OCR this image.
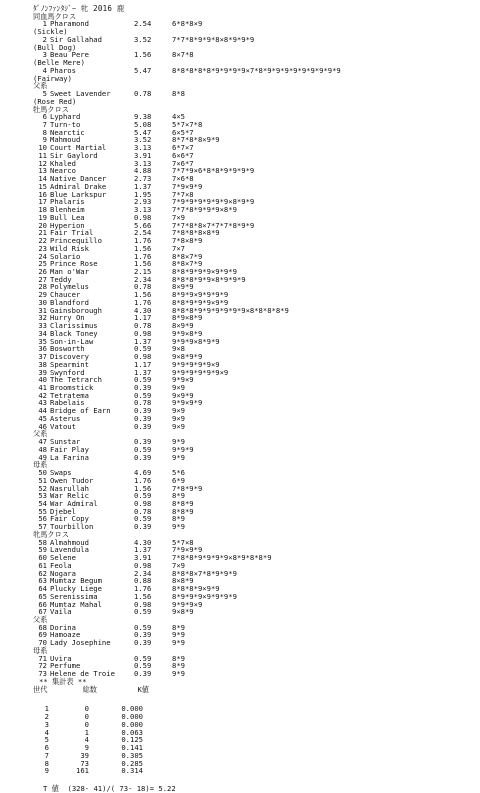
ﾀﾞﾉﾝﾌｧﾝﾀｼﾞｰ 牝 2016 鹿
同血馬クロス
1 Pharamond	2.54	6*8*8×9
(Sickle)
2 Sir Gallahad	3.52	7*7*8*9*9*8×8*9*9*9
(Bull Dog)
3 Beau Pere	1.56	8×7*8
(Belle Mere)
4 Pharos	5.47	8*8*8*8*8*9*9*9*9×7*8*9*9*9*9*9*9*9*9*9
(Fairway)
父系
5 Sweet Lavender	0.78	8*8
(Rose Red)
牡馬クロス
6 Lyphard	9.38	4×5
7 Turn-to	5.08	5*7×7*8
8 Nearctic	5.47	6×5*7
9 Mahmoud	3.52	8*7*8*8×9*9
10 Court Martial	3.13	6*7×7
11 Sir Gaylord	3.91	6×6*7
12 Khaled	3.13	7×6*7
13 Nearco	4.88	7*7*9×6*8*8*9*9*9*9
14 Native Dancer	2.73	7×6*8
15 Admiral Drake	1.37	7*9×9*9
16 Blue Larkspur	1.95	7*7×8
17 Phalaris	2.93	7*9*9*9*9*9*9×8*9*9
18 Blenheim	3.13	7*7*8*9*9*9×8*9
19 Bull Lea	0.98	7×9
20 Hyperion	5.66	7*7*8*8×7*7*7*8*9*9
21 Fair Trial	2.54	7*8*8*8×8*9
22 Princequillo	1.76	7*8×8*9
23 Wild Risk	1.56	7×7
24 Solario	1.76	8*8×7*9
25 Prince Rose	1.56	8*8×7*9
26 Man o'War	2.15	8*8*9*9*9×9*9*9
27 Teddy	2.34	8*8*8*9*9×8*9*9*9
28 Polymelus	0.78	8×9*9
29 Chaucer	1.56	8*9*9×9*9*9*9
30 Blandford	1.76	8*8*9*9*9×9*9
31 Gainsborough	4.30	8*8*8*9*9*9*9*9*9×8*8*8*8*9
32 Hurry On	1.17	8*9×8*9
33 Clarissimus	0.78	8×9*9
34 Black Toney	0.98	9*9×8*9
35 Son-in-Law	1.37	9*9*9×8*9*9
36 Bosworth	0.59	9×8
37 Discovery	0.98	9×8*9*9
38 Spearmint	1.17	9*9*9*9*9×9
39 Swynford	1.37	9*9*9*9*9*9×9
40 The Tetrarch	0.59	9*9×9
41 Broomstick	0.39	9×9
42 Tetratema	0.59	9×9*9
43 Rabelais	0.78	9*9×9*9
44 Bridge of Earn	0.39	9×9
45 Asterus	0.39	9×9
46 Vatout	0.39	9×9
父系
47 Sunstar	0.39	9*9
48 Fair Play	0.59	9*9*9
49 La Farina	0.39	9*9
母系
50 Swaps	4.69	5*6
51 Owen Tudor	1.76	6*9
52 Nasrullah	1.56	7*8*9*9
53 War Relic	0.59	8*9
54 War Admiral	0.98	8*8*9
55 Djebel	0.78	8*8*9
56 Fair Copy	0.59	8*9
57 Tourbillon	0.39	9*9
牝馬クロス
58 Almahmoud	4.30	5*7×8
59 Lavendula	1.37	7*9×9*9
60 Selene	3.91	7*8*8*9*9*9*9×8*9*8*8*9
61 Feola	0.98	7×9
62 Nogara	2.34	8*8*8×7*8*9*9*9
63 Mumtaz Begum	0.88	8×8*9
64 Plucky Liege	1.76	8*8*8*9×9*9
65 Serenissima	1.56	8*9*9*9×9*9*9*9
66 Mumtaz Mahal	0.98	9*9*9×9
67 Vaila	0.59	9×8*9
父系
68 Dorina	0.59	8*9
69 Hamoaze	0.39	9*9
70 Lady Josephine	0.39	9*9
母系
71 Uvira	0.59	8*9
72 Perfume	0.59	8*9
73 Helene de Troie	0.39	9*9
** 集計表 **
世代	総数	K値
1	0	0.000
2	0	0.000
3	0	0.000
4	1	0.063
5	4	0.125
6	9	0.141
7	39	0.305
8	73	0.285
9	161	0.314
T 値  (328- 41)/( 73- 18)= 5.22
